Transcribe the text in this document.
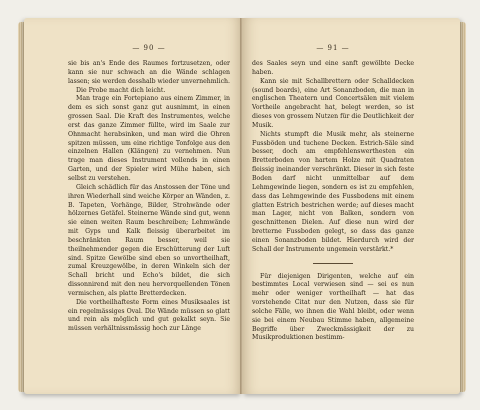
— 90 —

sie bis an's Ende des Raumes fortzusetzen, oder kann sie nur schwach an die Wände schlagen lassen; sie werden desshalb wieder unvernehmlich.

Die Probe macht dich leicht.

Man trage ein Fortepiano aus einem Zimmer, in dem es sich sonst ganz gut ausnimmt, in einen grossen Saal. Die Kraft des Instrumentes, welche erst das ganze Zimmer füllte, wird im Saale zur Ohnmacht herabsinken, und man wird die Ohren spitzen müssen, um eine richtige Tonfolge aus den einzelnen Hallen (Klängen) zu vernehmen. Nun trage man dieses Instrument vollends in einen Garten, und der Spieler wird Mühe haben, sich selbst zu verstehen.

Gleich schädlich für das Anstossen der Töne und ihren Wiederhall sind weiche Körper an Wänden, z. B. Tapeten, Vorhänge, Bilder, Strohwände oder hölzernes Getäfel. Steinerne Wände sind gut, wenn sie einen weiten Raum beschreiben; Lehmwände mit Gyps und Kalk fleissig überarbeitet im beschränkten Raum besser, weil sie theilnehmender gegen die Erschütterung der Luft sind. Spitze Gewölbe sind eben so unvortheilhaft, zumal Kreuzgewölbe, in deren Winkeln sich der Schall bricht und Echo's bildet, die sich dissonnirend mit den neu hervorquellenden Tönen vermischen, als platte Bretterdecken.

Die vortheilhafteste Form eines Musiksaales ist ein regelmässiges Oval. Die Wände müssen so glatt und rein als möglich und gut gekalkt seyn. Sie müssen verhältnissmässig hoch zur Länge

— 91 —

des Saales seyn und eine sanft gewölbte Decke haben.

Kann sie mit Schallbrettern oder Schalldecken (sound boards), eine Art Sonanzboden, die man in englischen Theatern und Concertsälen mit vielem Vortheile angebracht hat, belegt werden, so ist dieses von grossem Nutzen für die Deutlichkeit der Musik.

Nichts stumpft die Musik mehr, als steinerne Fussböden und tuchene Decken. Estrich-Säle sind besser, doch am empfehlenswerthesten ein Bretterboden von hartem Holze mit Quadraten fleissig ineinander verschränkt. Dieser in sich feste Boden darf nicht unmittelbar auf dem Lehmgewinde liegen, sondern es ist zu empfehlen, dass das Lehmgewinde des Fussbodens mit einem glatten Estrich bestrichen werde; auf dieses macht man Lager, nicht von Balken, sondern von geschnittenen Dielen. Auf diese nun wird der bretterne Fussboden gelegt, so dass das ganze einen Sonanzboden bildet. Hierdurch wird der Schall der Instrumente ungemein verstärkt.*

Für diejenigen Dirigenten, welche auf ein bestimmtes Local verwiesen sind — sei es nun mehr oder weniger vortheilhaft — hat das vorstehende Citat nur den Nutzen, dass sie für solche Fälle, wo ihnen die Wahl bleibt, oder wenn sie bei einem Neubau Stimme haben, allgemeine Begriffe über Zweckmässigkeit der zu Musikproduktionen bestimm-
